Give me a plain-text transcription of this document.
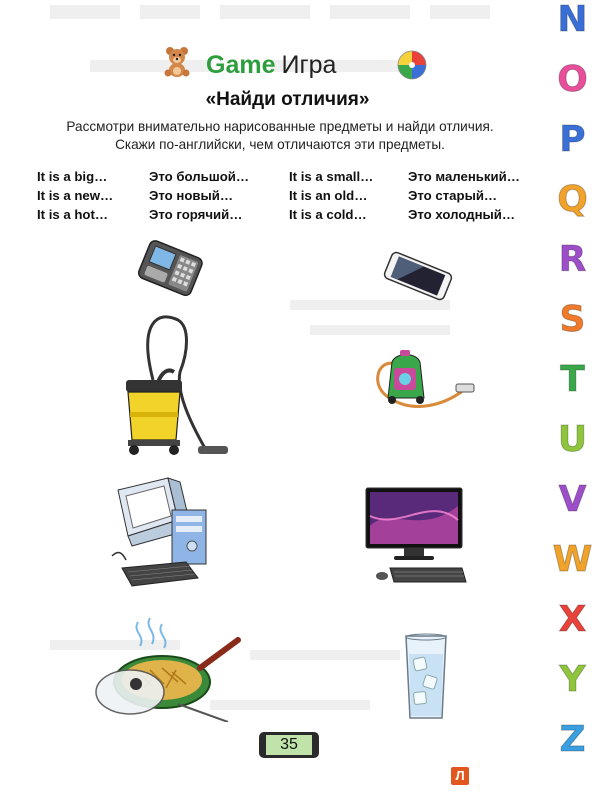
Game Игра
«Найди отличия»
Рассмотри внимательно нарисованные предметы и найди отличия.
Скажи по-английски, чем отличаются эти предметы.
It is a big…	Это большой…	It is a small…	Это маленький…
It is a new…	Это новый…	It is an old…	Это старый…
It is a hot…	Это горячий…	It is a cold…	Это холодный…
35
N
O
P
Q
R
S
T
U
V
W
X
Y
Z
Л
